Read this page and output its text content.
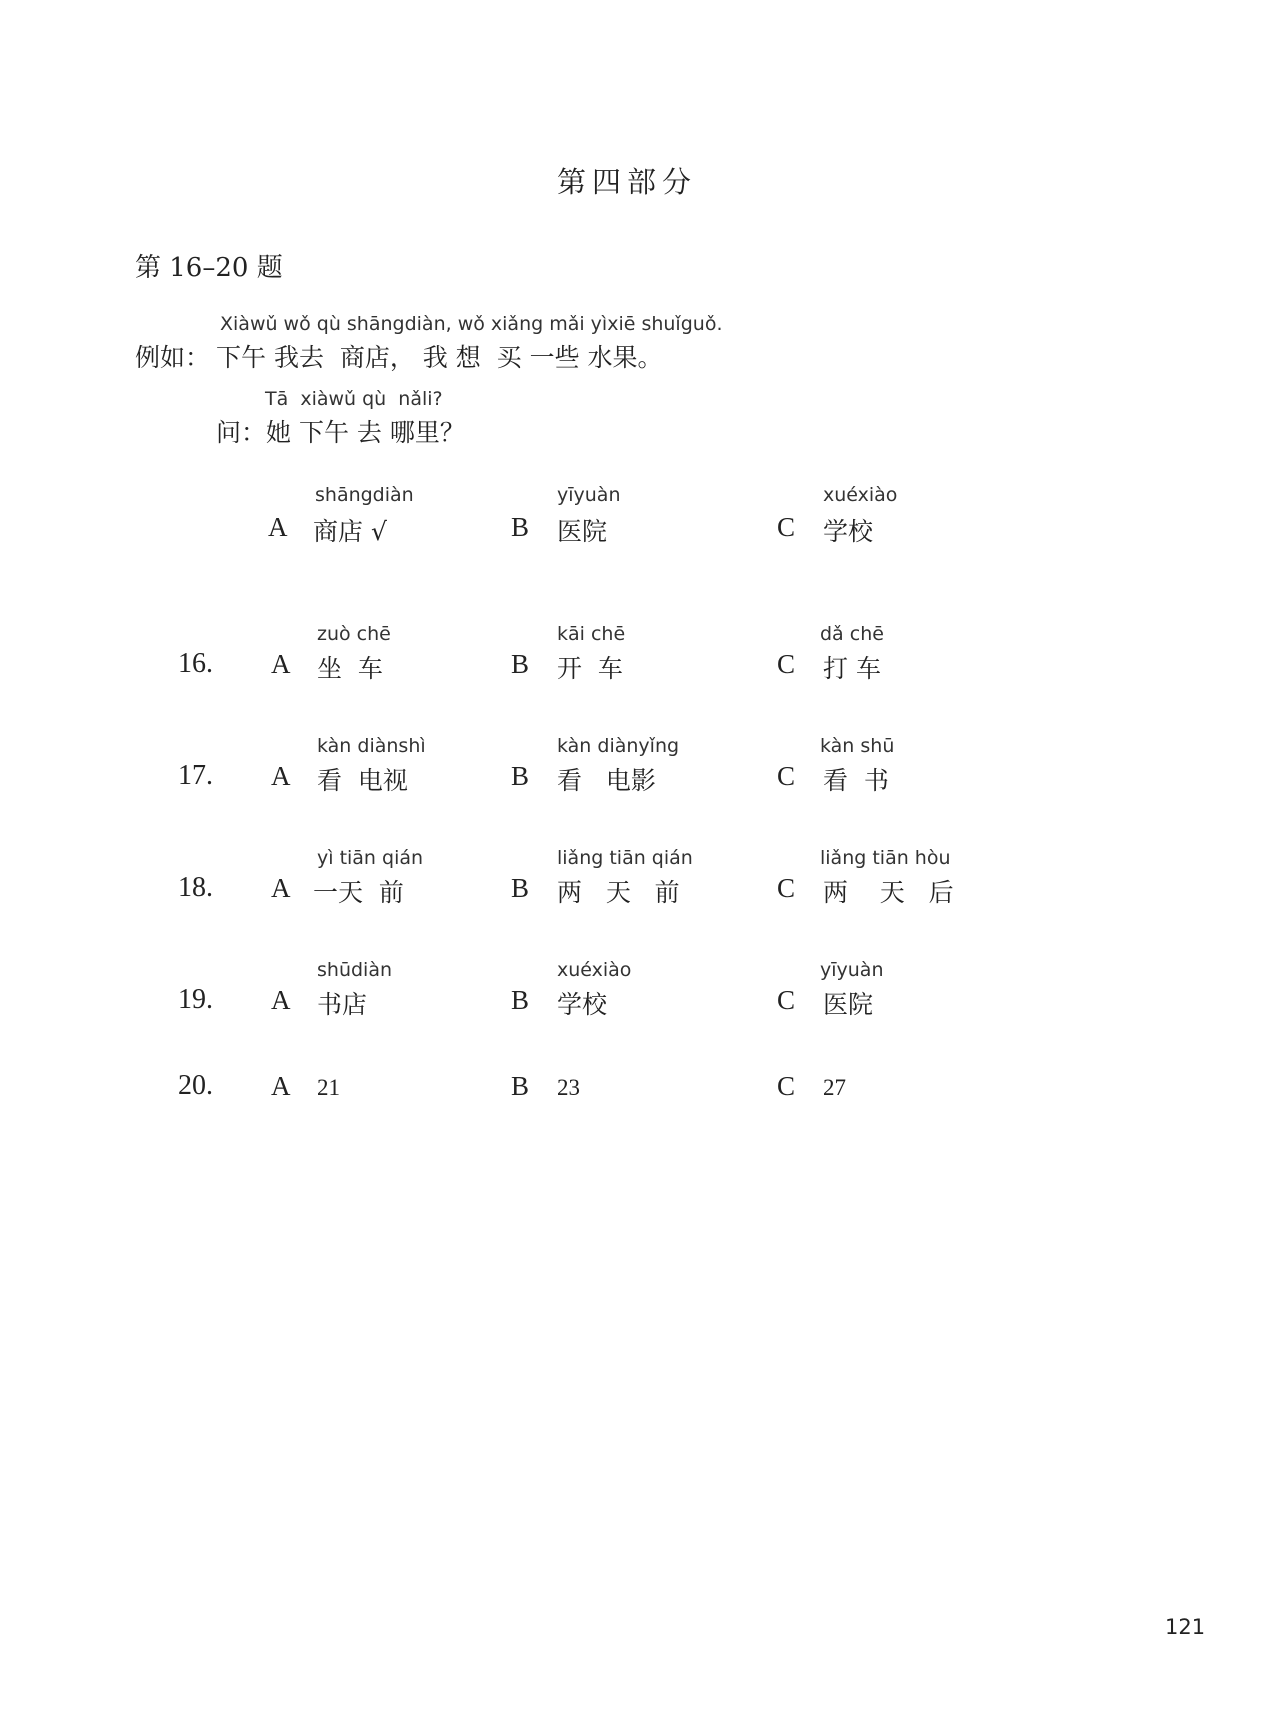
第四部分
第 16–20 题
Xiàwǔ wǒ qù shāngdiàn, wǒ xiǎng mǎi yìxiē shuǐguǒ.
例如： 下午 我去  商店， 我 想  买 一些 水果。
Tā  xiàwǔ qù  nǎli?
问：她 下午 去 哪里？
shāngdiàn
A 商店 √
yīyuàn
B 医院
xuéxiào
C 学校
16.
zuò chē
A 坐  车
kāi chē
B 开  车
dǎ chē
C 打 车
17.
kàn diànshì
A 看  电视
kàn diànyǐng
B 看   电影
kàn shū
C 看  书
18.
yì tiān qián
A 一天  前
liǎng tiān qián
B 两   天   前
liǎng tiān hòu
C 两    天   后
19.
shūdiàn
A 书店
xuéxiào
B 学校
yīyuàn
C 医院
20. A 21	B 23	C 27
121
